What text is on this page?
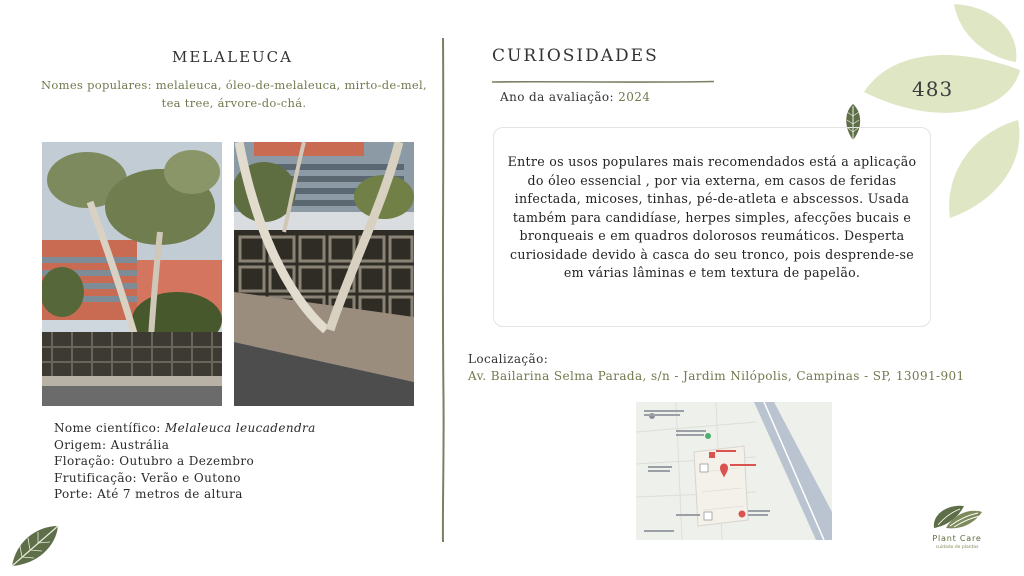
MELALEUCA
Nomes populares: melaleuca, óleo-de-melaleuca, mirto-de-mel, tea tree, árvore-do-chá.
Nome científico: Melaleuca leucadendra
Origem: Austrália
Floração: Outubro a Dezembro
Frutificação: Verão e Outono
Porte: Até 7 metros de altura
CURIOSIDADES
Ano da avaliação: 2024	483
Entre os usos populares mais recomendados está a aplicação do óleo essencial , por via externa, em casos de feridas infectada, micoses, tinhas, pé-de-atleta e abscessos. Usada também para candidíase, herpes simples, afecções bucais e bronqueais e em quadros dolorosos reumáticos. Desperta curiosidade devido à casca do seu tronco, pois desprende-se em várias lâminas e tem textura de papelão.
Localização:
Av. Bailarina Selma Parada, s/n - Jardim Nilópolis, Campinas - SP, 13091-901
Plant Care
cuidado de plantas
